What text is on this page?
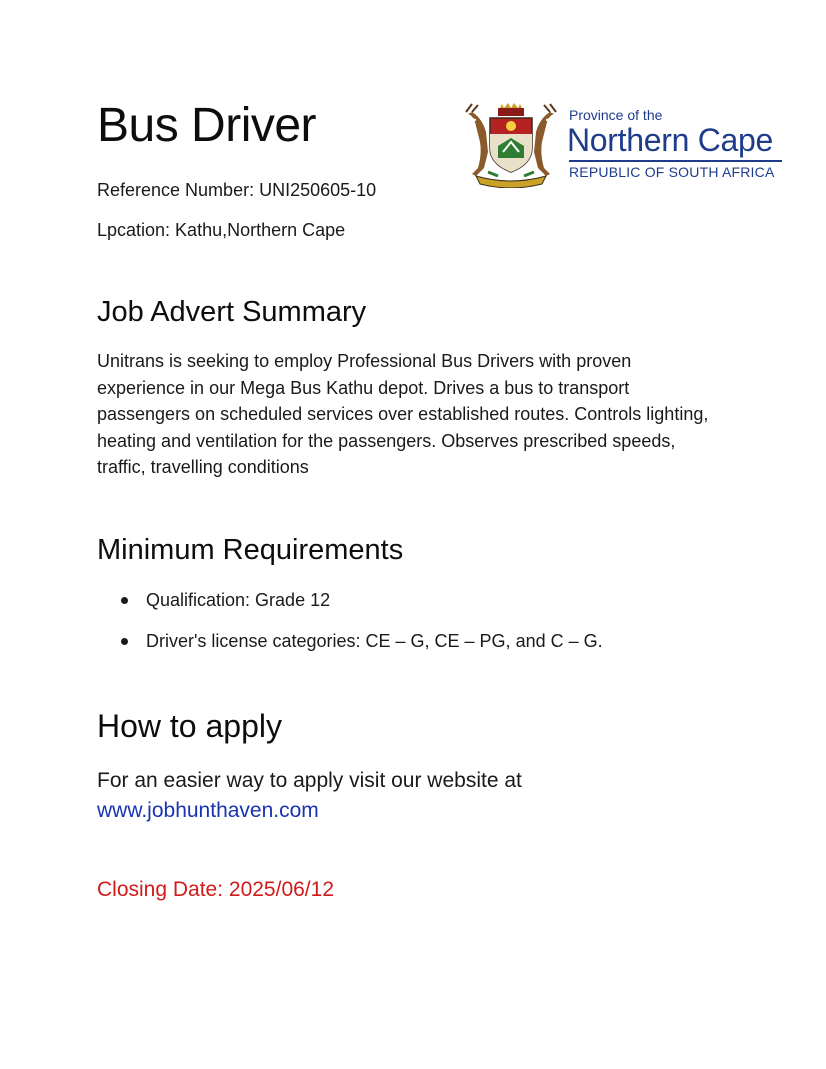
Bus Driver

Reference Number: UNI250605-10

Lpcation: Kathu,Northern Cape

Province of the
Northern Cape
REPUBLIC OF SOUTH AFRICA
Job Advert Summary

Unitrans is seeking to employ Professional Bus Drivers with proven experience in our Mega Bus Kathu depot. Drives a bus to transport passengers on scheduled services over established routes. Controls lighting, heating and ventilation for the passengers. Observes prescribed speeds, traffic, travelling conditions

Minimum Requirements
Qualification: Grade 12
Driver's license categories: CE – G, CE – PG, and C – G.
How to apply

For an easier way to apply visit our website at

www.jobhunthaven.com

Closing Date: 2025/06/12
